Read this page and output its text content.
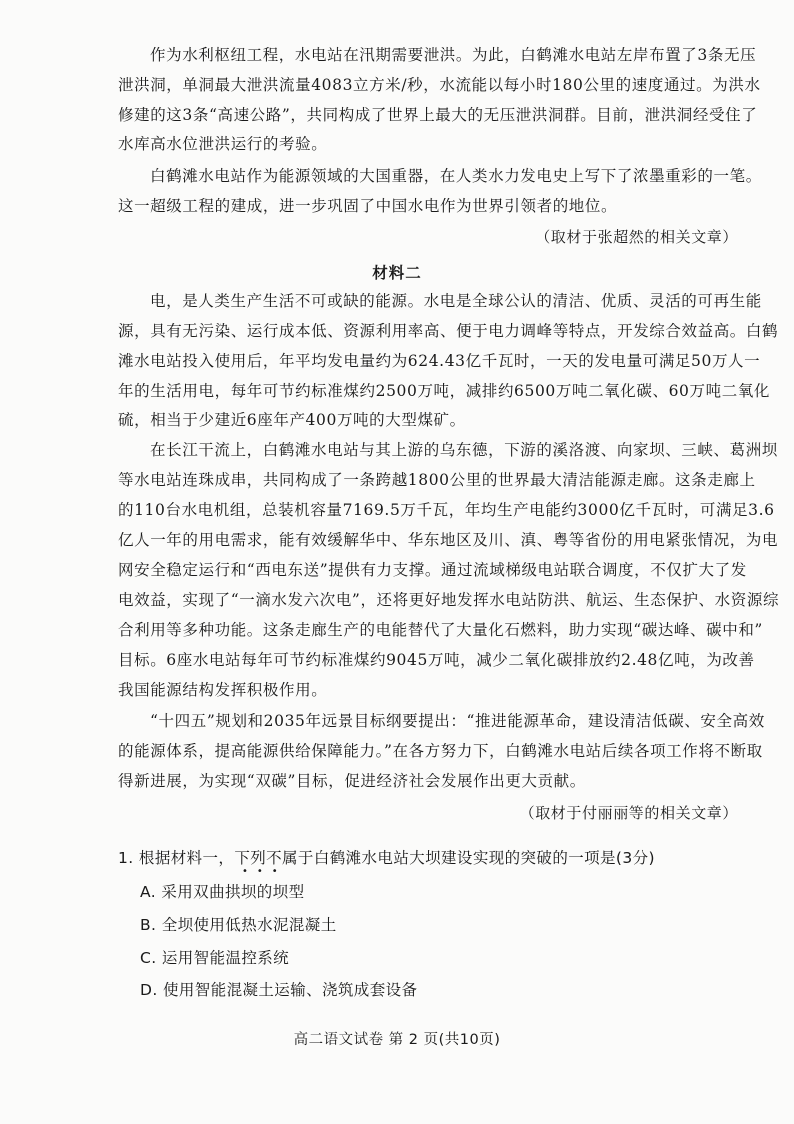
作为水利枢纽工程，水电站在汛期需要泄洪。为此，白鹤滩水电站左岸布置了3条无压
泄洪洞，单洞最大泄洪流量4083立方米/秒，水流能以每小时180公里的速度通过。为洪水
修建的这3条“高速公路”，共同构成了世界上最大的无压泄洪洞群。目前，泄洪洞经受住了
水库高水位泄洪运行的考验。
白鹤滩水电站作为能源领域的大国重器，在人类水力发电史上写下了浓墨重彩的一笔。
这一超级工程的建成，进一步巩固了中国水电作为世界引领者的地位。
（取材于张超然的相关文章）
材料二
电，是人类生产生活不可或缺的能源。水电是全球公认的清洁、优质、灵活的可再生能
源，具有无污染、运行成本低、资源利用率高、便于电力调峰等特点，开发综合效益高。白鹤
滩水电站投入使用后，年平均发电量约为624.43亿千瓦时，一天的发电量可满足50万人一
年的生活用电，每年可节约标准煤约2500万吨，减排约6500万吨二氧化碳、60万吨二氧化
硫，相当于少建近6座年产400万吨的大型煤矿。
在长江干流上，白鹤滩水电站与其上游的乌东德，下游的溪洛渡、向家坝、三峡、葛洲坝
等水电站连珠成串，共同构成了一条跨越1800公里的世界最大清洁能源走廊。这条走廊上
的110台水电机组，总装机容量7169.5万千瓦，年均生产电能约3000亿千瓦时，可满足3.6
亿人一年的用电需求，能有效缓解华中、华东地区及川、滇、粤等省份的用电紧张情况，为电
网安全稳定运行和“西电东送”提供有力支撑。通过流域梯级电站联合调度，不仅扩大了发
电效益，实现了“一滴水发六次电”，还将更好地发挥水电站防洪、航运、生态保护、水资源综
合利用等多种功能。这条走廊生产的电能替代了大量化石燃料，助力实现“碳达峰、碳中和”
目标。6座水电站每年可节约标准煤约9045万吨，减少二氧化碳排放约2.48亿吨，为改善
我国能源结构发挥积极作用。
“十四五”规划和2035年远景目标纲要提出：“推进能源革命，建设清洁低碳、安全高效
的能源体系，提高能源供给保障能力。”在各方努力下，白鹤滩水电站后续各项工作将不断取
得新进展，为实现“双碳”目标，促进经济社会发展作出更大贡献。
（取材于付丽丽等的相关文章）
1. 根据材料一，下列不属于白鹤滩水电站大坝建设实现的突破的一项是(3分)
•••
A. 采用双曲拱坝的坝型
B. 全坝使用低热水泥混凝土
C. 运用智能温控系统
D. 使用智能混凝土运输、浇筑成套设备
高二语文试卷 第 2 页(共10页)
